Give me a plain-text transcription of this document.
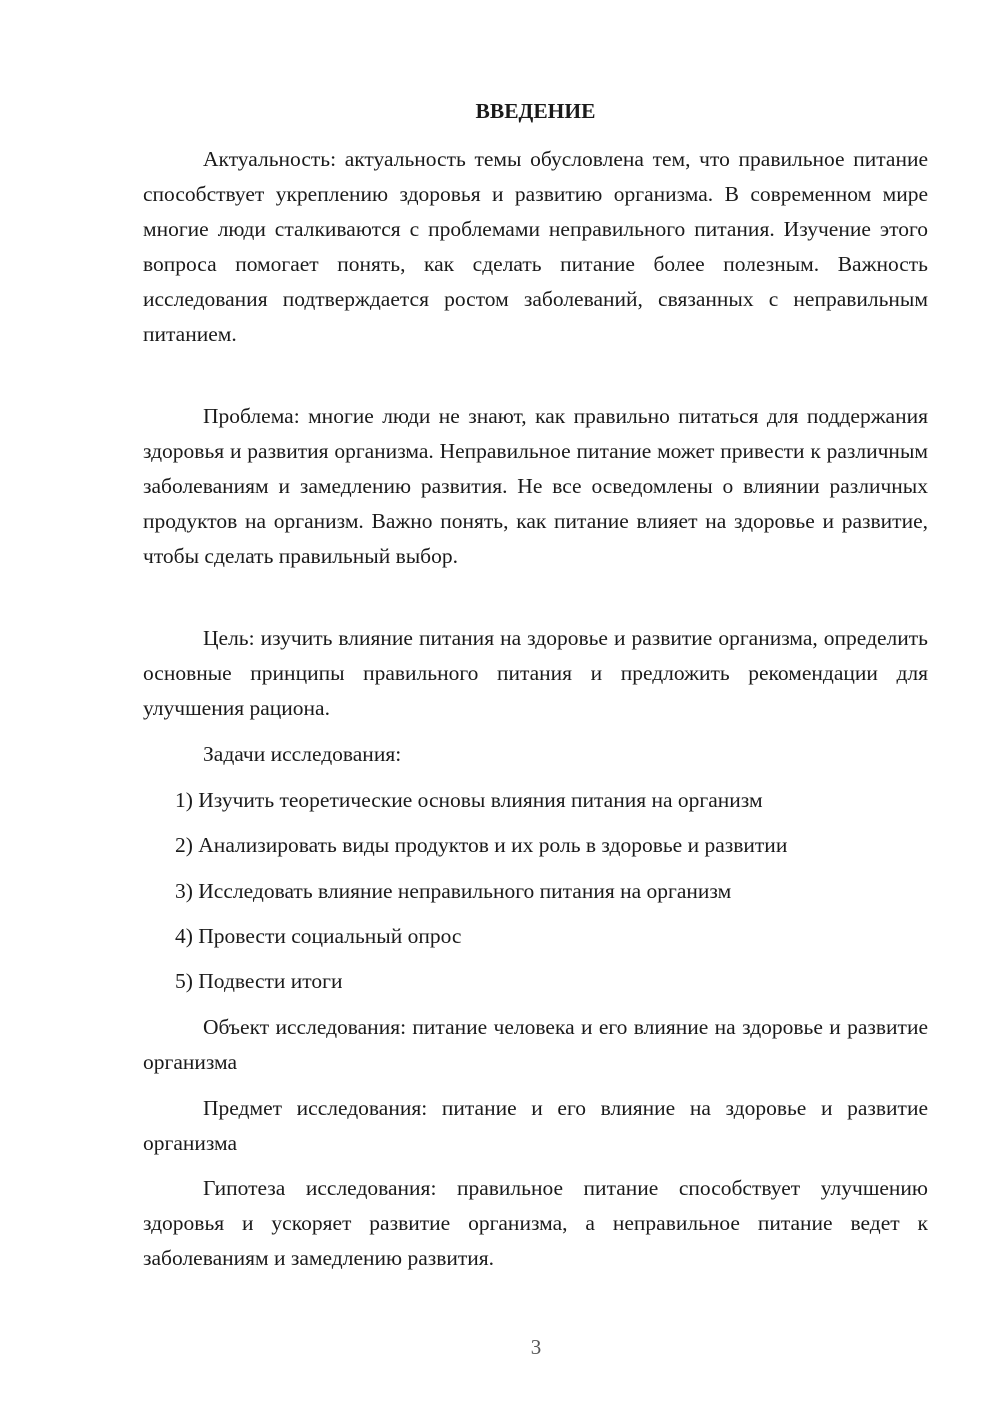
ВВЕДЕНИЕ

Актуальность: актуальность темы обусловлена тем, что правильное питание способствует укреплению здоровья и развитию организма. В современном мире многие люди сталкиваются с проблемами неправильного питания. Изучение этого вопроса помогает понять, как сделать питание более полезным. Важность исследования подтверждается ростом заболеваний, связанных с неправильным питанием.

Проблема: многие люди не знают, как правильно питаться для поддержания здоровья и развития организма. Неправильное питание может привести к различным заболеваниям и замедлению развития. Не все осведомлены о влиянии различных продуктов на организм. Важно понять, как питание влияет на здоровье и развитие, чтобы сделать правильный выбор.

Цель: изучить влияние питания на здоровье и развитие организма, определить основные принципы правильного питания и предложить рекомендации для улучшения рациона.

Задачи исследования:

1) Изучить теоретические основы влияния питания на организм

2) Анализировать виды продуктов и их роль в здоровье и развитии

3) Исследовать влияние неправильного питания на организм

4) Провести социальный опрос

5) Подвести итоги

Объект исследования: питание человека и его влияние на здоровье и развитие организма

Предмет исследования: питание и его влияние на здоровье и развитие организма

Гипотеза исследования: правильное питание способствует улучшению здоровья и ускоряет развитие организма, а неправильное питание ведет к заболеваниям и замедлению развития.

3
